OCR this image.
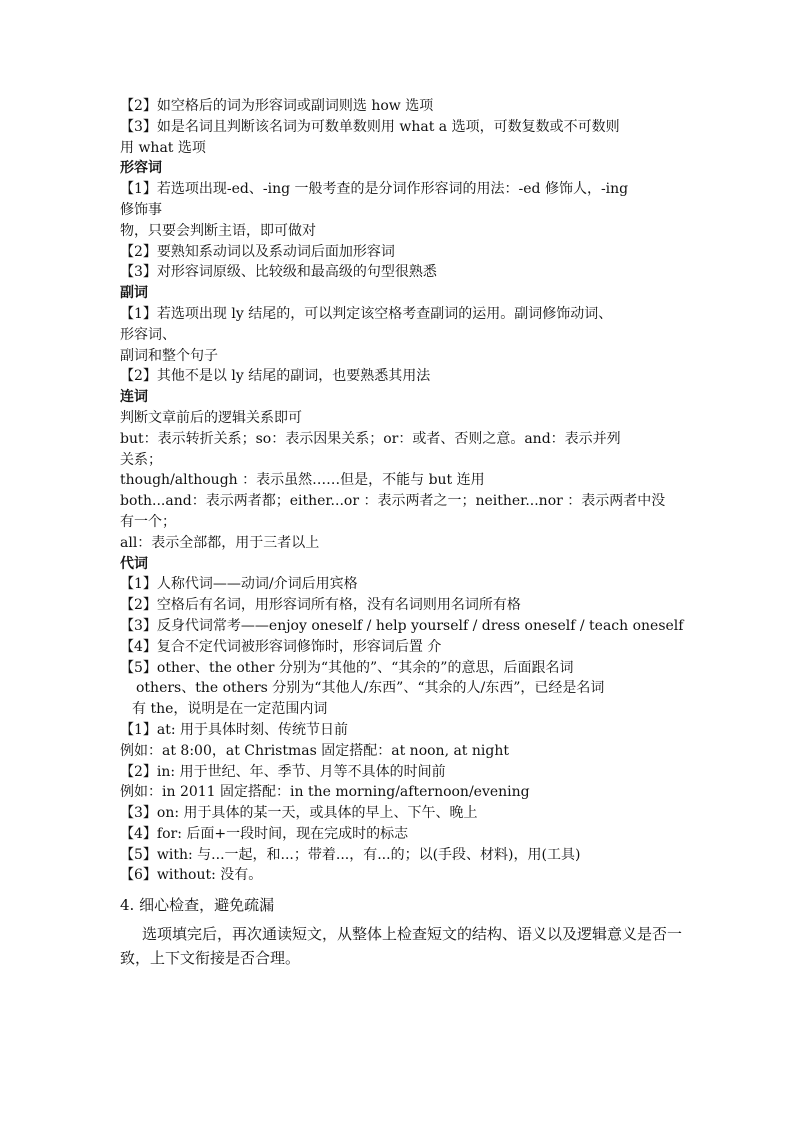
【2】如空格后的词为形容词或副词则选 how 选项
【3】如是名词且判断该名词为可数单数则用 what a 选项，可数复数或不可数则
用 what 选项
形容词
【1】若选项出现-ed、-ing 一般考查的是分词作形容词的用法：-ed 修饰人，-ing
修饰事
物，只要会判断主语，即可做对
【2】要熟知系动词以及系动词后面加形容词
【3】对形容词原级、比较级和最高级的句型很熟悉
副词
【1】若选项出现 ly 结尾的，可以判定该空格考查副词的运用。副词修饰动词、
形容词、
副词和整个句子
【2】其他不是以 ly 结尾的副词，也要熟悉其用法
连词
判断文章前后的逻辑关系即可
but：表示转折关系；so：表示因果关系；or：或者、否则之意。and：表示并列
关系；
though/although ：表示虽然……但是，不能与 but 连用
both...and：表示两者都；either...or ：表示两者之一；neither...nor ：表示两者中没
有一个；
all：表示全部都，用于三者以上
代词
【1】人称代词——动词/介词后用宾格
【2】空格后有名词，用形容词所有格，没有名词则用名词所有格
【3】反身代词常考——enjoy oneself / help yourself / dress oneself / teach oneself
【4】复合不定代词被形容词修饰时，形容词后置 介
【5】other、the other 分别为“其他的”、“其余的”的意思，后面跟名词
others、the others 分别为“其他人/东西”、“其余的人/东西”，已经是名词
有 the，说明是在一定范围内词
【1】at: 用于具体时刻、传统节日前
例如：at 8:00，at Christmas 固定搭配：at noon, at night
【2】in: 用于世纪、年、季节、月等不具体的时间前
例如：in 2011 固定搭配：in the morning/afternoon/evening
【3】on: 用于具体的某一天，或具体的早上、下午、晚上
【4】for: 后面+一段时间，现在完成时的标志
【5】with: 与...一起，和...；带着...，有...的；以(手段、材料)，用(工具)
【6】without: 没有。
4. 细心检查，避免疏漏
选项填完后，再次通读短文，从整体上检查短文的结构、语义以及逻辑意义是否一致，上下文衔接是否合理。
